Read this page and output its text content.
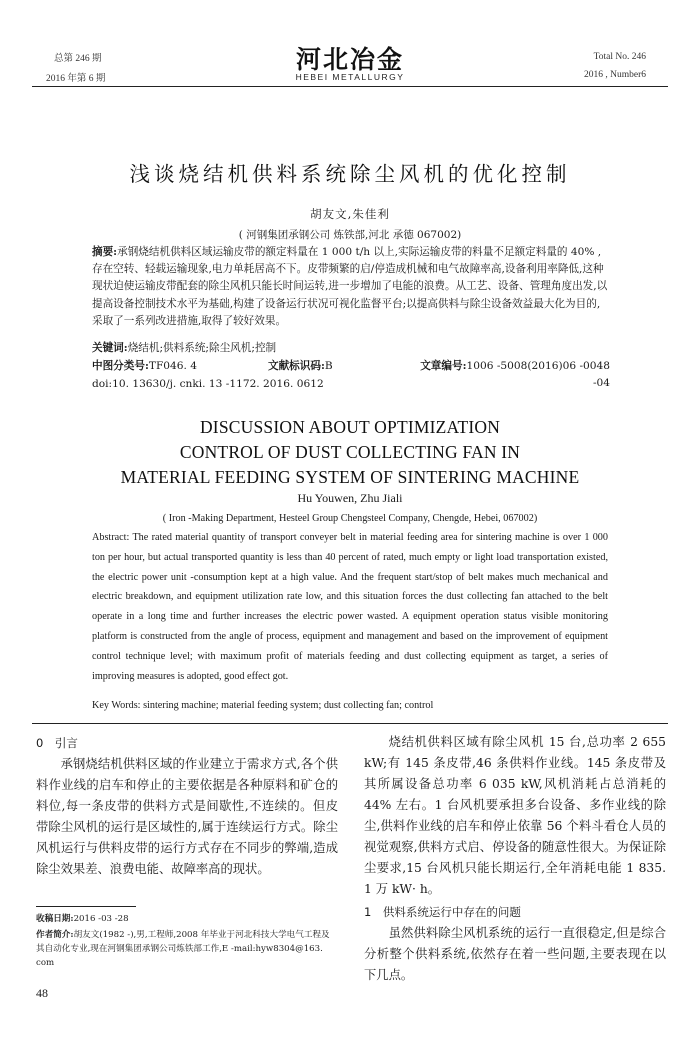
总第 246 期
2016 年第 6 期
河北冶金
HEBEI METALLURGY
Total No. 246
2016 , Number6
浅谈烧结机供料系统除尘风机的优化控制
胡友文,朱佳利
( 河钢集团承钢公司 炼铁部,河北 承德 067002)
摘要:承钢烧结机供料区域运输皮带的额定料量在 1 000 t/h 以上,实际运输皮带的料量不足额定料量的 40% ,存在空转、轻载运输现象,电力单耗居高不下。皮带频繁的启/停造成机械和电气故障率高,设备利用率降低,这种现状迫使运输皮带配套的除尘风机只能长时间运转,进一步增加了电能的浪费。从工艺、设备、管理角度出发,以提高设备控制技术水平为基础,构建了设备运行状况可视化监督平台;以提高供料与除尘设备效益最大化为目的,采取了一系列改进措施,取得了较好效果。
关键词:烧结机;供料系统;除尘风机;控制
中图分类号:TF046. 4	文献标识码:B	文章编号:1006 -5008(2016)06 -0048 -04
doi:10. 13630/j. cnki. 13 -1172. 2016. 0612
DISCUSSION ABOUT OPTIMIZATION
CONTROL OF DUST COLLECTING FAN IN
MATERIAL FEEDING SYSTEM OF SINTERING MACHINE
Hu Youwen, Zhu Jiali
( Iron -Making Department, Hesteel Group Chengsteel Company, Chengde, Hebei, 067002)
Abstract: The rated material quantity of transport conveyer belt in material feeding area for sintering machine is over 1 000 ton per hour, but actual transported quantity is less than 40 percent of rated, much empty or light load transportation existed, the electric power unit -consumption kept at a high value. And the frequent start/stop of belt makes much mechanical and electric breakdown, and equipment utilization rate low, and this situation forces the dust collecting fan attached to the belt operate in a long time and further increases the electric power wasted. A equipment operation status visible monitoring platform is constructed from the angle of process, equipment and management and based on the improvement of equipment control technique level; with maximum profit of materials feeding and dust collecting equipment as target, a series of improving measures is adopted, good effect got.
Key Words: sintering machine; material feeding system; dust collecting fan; control
0　引言

承钢烧结机供料区域的作业建立于需求方式,各个供料作业线的启车和停止的主要依据是各种原料和矿仓的料位,每一条皮带的供料方式是间歇性,不连续的。但皮带除尘风机的运行是区域性的,属于连续运行方式。除尘风机运行与供料皮带的运行方式存在不同步的弊端,造成除尘效果差、浪费电能、故障率高的现状。

收稿日期:2016 -03 -28
作者简介:胡友文(1982 -),男,工程师,2008 年毕业于河北科技大学电气工程及其自动化专业,现在河钢集团承钢公司炼铁部工作,E -mail:hyw8304@163. com
48

烧结机供料区域有除尘风机 15 台,总功率 2 655 kW;有 145 条皮带,46 条供料作业线。145 条皮带及其所属设备总功率 6 035 kW,风机消耗占总消耗的 44% 左右。1 台风机要承担多台设备、多作业线的除尘,供料作业线的启车和停止依靠 56 个料斗看仓人员的视觉观察,供料方式启、停设备的随意性很大。为保证除尘要求,15 台风机只能长期运行,全年消耗电能 1 835. 1 万 kW· h。

1　供料系统运行中存在的问题

虽然供料除尘风机系统的运行一直很稳定,但是综合分析整个供料系统,依然存在着一些问题,主要表现在以下几点。
